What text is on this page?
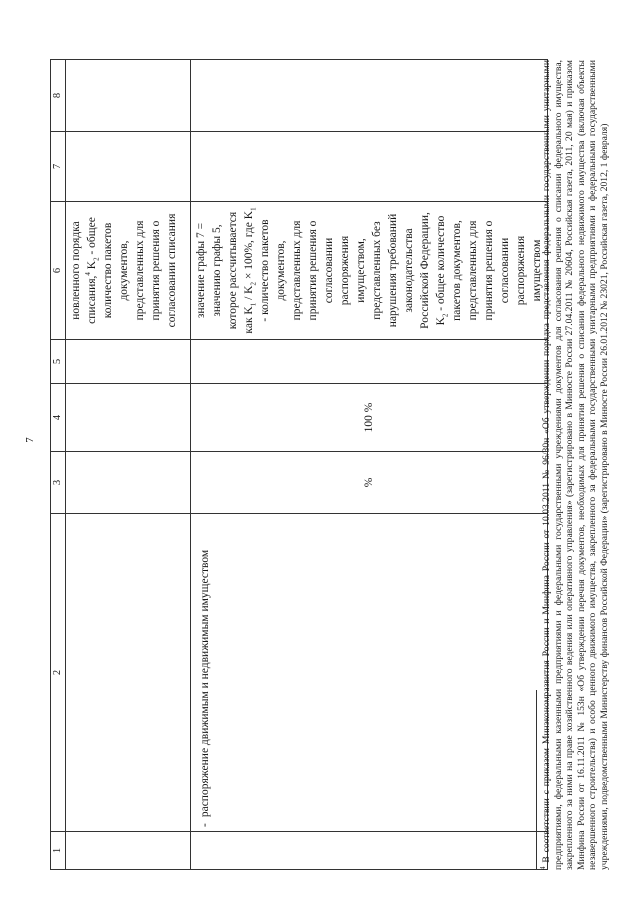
7
1	2	3	4	5	6	7	8
					новленного порядка списания,$^4$ $K_2$ - общее количество пакетов документов, представленных для принятия решения о согласовании списания		

	-распоряжение движимым и недвижимым имуществом	%	100 %		значение графы 7 = значению графы 5, которое рассчитывается как $K_1 / K_2 \times 100\%$, где $K_1$ - количество пакетов документов, представленных для принятия решения о согласовании распоряжения имуществом, представленных без нарушения требований законодательства Российской Федерации, $K_2$ - общее количество пакетов документов, представленных для принятия решения о согласовании распоряжения имуществом		
$^4$ В соответствии с приказом Минэкономразвития России и Минфина России от 10.03.2011 № 96/30н «Об утверждении порядка представления федеральными государственными унитарными предприятиями, федеральными казенными предприятиями и федеральными государственными учреждениями документов для согласования решения о списании федерального имущества, закрепленного за ними на праве хозяйственного ведения или оперативного управления» (зарегистрировано в Минюсте России 27.04.2011 № 20604, Российская газета, 2011, 20 мая) и приказом Минфина России от 16.11.2011 № 153н «Об утверждении перечня документов, необходимых для принятия решения о списании федерального недвижимого имущества (включая объекты незавершенного строительства) и особо ценного движимого имущества, закрепленного за федеральными государственными унитарными предприятиями и федеральными государственными учреждениями, подведомственными Министерству финансов Российской Федерации» (зарегистрировано в Минюсте России 26.01.2012 № 23021, Российская газета, 2012, 1 февраля)
